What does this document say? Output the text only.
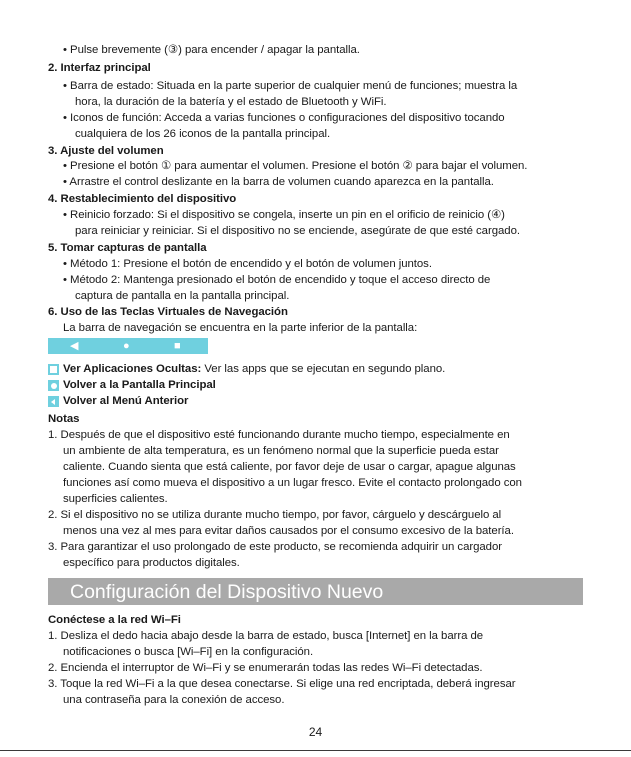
• Pulse brevemente (③) para encender / apagar la pantalla.
2. Interfaz principal
• Barra de estado: Situada en la parte superior de cualquier menú de funciones; muestra la
hora, la duración de la batería y el estado de Bluetooth y WiFi.
• Iconos de función: Acceda a varias funciones o configuraciones del dispositivo tocando
cualquiera de los 26 iconos de la pantalla principal.
3. Ajuste del volumen
• Presione el botón ① para aumentar el volumen. Presione el botón ② para bajar el volumen.
• Arrastre el control deslizante en la barra de volumen cuando aparezca en la pantalla.
4. Restablecimiento del dispositivo
• Reinicio forzado: Si el dispositivo se congela, inserte un pin en el orificio de reinicio (④)
para reiniciar y reiniciar. Si el dispositivo no se enciende, asegúrate de que esté cargado.
5. Tomar capturas de pantalla
• Método 1: Presione el botón de encendido y el botón de volumen juntos.
• Método 2: Mantenga presionado el botón de encendido y toque el acceso directo de
captura de pantalla en la pantalla principal.
6. Uso de las Teclas Virtuales de Navegación
La barra de navegación se encuentra en la parte inferior de la pantalla:
◀	●	■
Ver Aplicaciones Ocultas: Ver las apps que se ejecutan en segundo plano.
Volver a la Pantalla Principal
Volver al Menú Anterior
Notas
1. Después de que el dispositivo esté funcionando durante mucho tiempo, especialmente en
un ambiente de alta temperatura, es un fenómeno normal que la superficie pueda estar
caliente. Cuando sienta que está caliente, por favor deje de usar o cargar, apague algunas
funciones así como mueva el dispositivo a un lugar fresco. Evite el contacto prolongado con
superficies calientes.
2. Si el dispositivo no se utiliza durante mucho tiempo, por favor, cárguelo y descárguelo al
menos una vez al mes para evitar daños causados por el consumo excesivo de la batería.
3. Para garantizar el uso prolongado de este producto, se recomienda adquirir un cargador
específico para productos digitales.
Configuración del Dispositivo Nuevo
Conéctese a la red Wi–Fi
1. Desliza el dedo hacia abajo desde la barra de estado, busca [Internet] en la barra de
notificaciones o busca [Wi–Fi] en la configuración.
2. Encienda el interruptor de Wi–Fi y se enumerarán todas las redes Wi–Fi detectadas.
3. Toque la red Wi–Fi a la que desea conectarse. Si elige una red encriptada, deberá ingresar
una contraseña para la conexión de acceso.
24
